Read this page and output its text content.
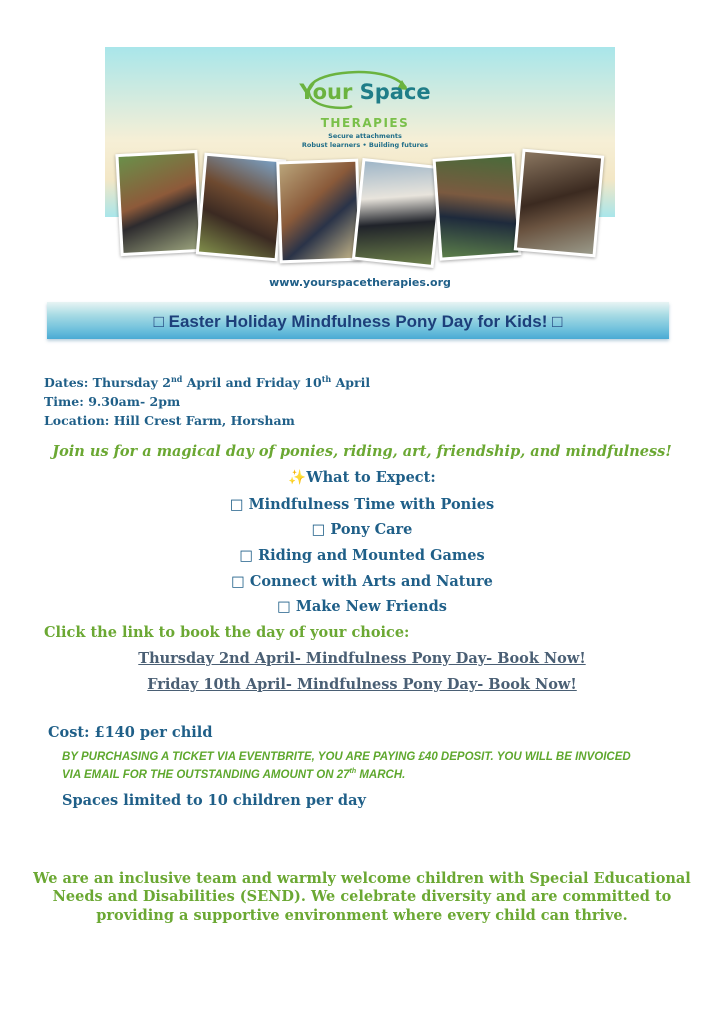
Your Space
THERAPIES
Secure attachments
Robust learners • Building futures
www.yourspacetherapies.org
□ Easter Holiday Mindfulness Pony Day for Kids! □
Dates: Thursday 2nd April and Friday 10th April
Time: 9.30am- 2pm
Location: Hill Crest Farm, Horsham
Join us for a magical day of ponies, riding, art, friendship, and mindfulness!
✨What to Expect:
□ Mindfulness Time with Ponies
□ Pony Care
□ Riding and Mounted Games
□ Connect with Arts and Nature
□ Make New Friends
Click the link to book the day of your choice:
Thursday 2nd April- Mindfulness Pony Day- Book Now!
Friday 10th April- Mindfulness Pony Day- Book Now!
Cost: £140 per child
BY PURCHASING A TICKET VIA EVENTBRITE, YOU ARE PAYING £40 DEPOSIT. YOU WILL BE INVOICED
VIA EMAIL FOR THE OUTSTANDING AMOUNT ON 27th MARCH.
Spaces limited to 10 children per day
We are an inclusive team and warmly welcome children with Special Educational
Needs and Disabilities (SEND). We celebrate diversity and are committed to
providing a supportive environment where every child can thrive.
